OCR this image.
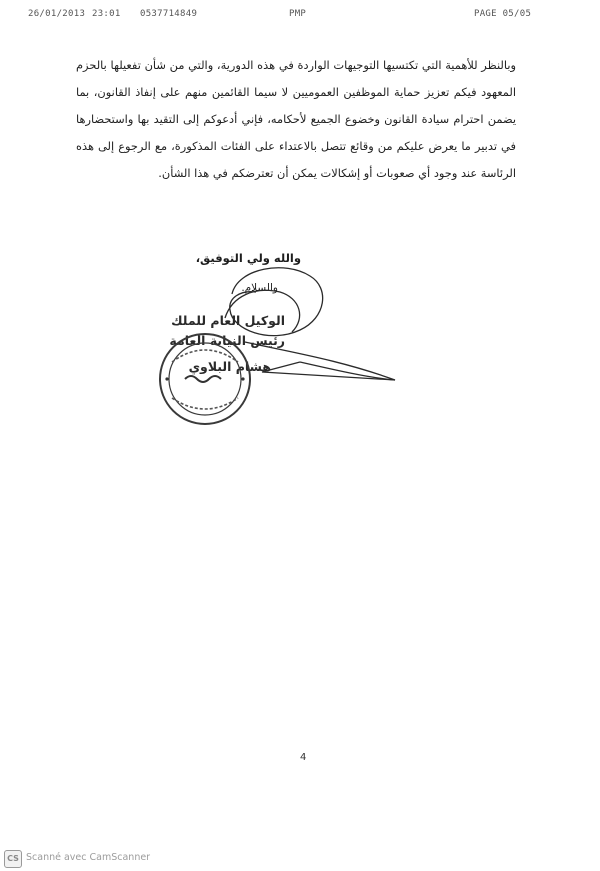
26/01/2013 23:01 0537714849	PMP	PAGE 05/05
وبالنظر للأهمية التي تكتسيها التوجيهات الواردة في هذه الدورية، والتي من شأن تفعيلها بالحزم المعهود فيكم تعزيز حماية الموظفين العموميين لا سيما القائمين منهم على إنفاذ القانون، بما يضمن احترام سيادة القانون وخضوع الجميع لأحكامه، فإني أدعوكم إلى التقيد بها واستحضارها في تدبير ما يعرض عليكم من وقائع تتصل بالاعتداء على الفئات المذكورة، مع الرجوع إلى هذه الرئاسة عند وجود أي صعوبات أو إشكالات يمكن أن تعترضكم في هذا الشأن.
والله ولي التوفيق،
والسلام.
الوكيل العام للملك
رئيس النيابة العامة
هشام البلاوي
4
CS Scanné avec CamScanner
